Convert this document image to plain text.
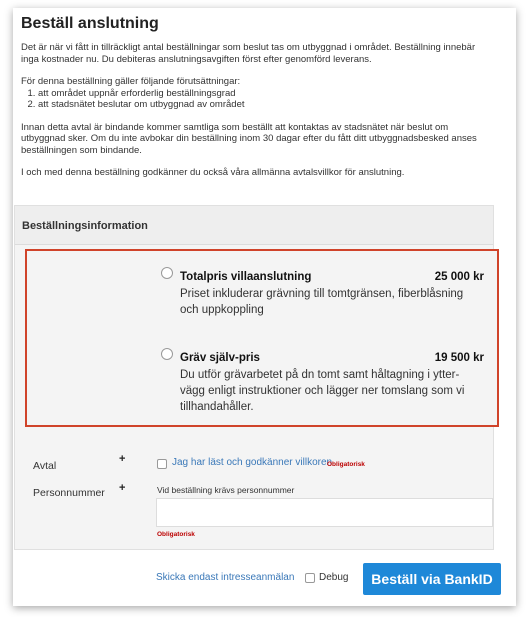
Beställ anslutning

Det är när vi fått in tillräckligt antal beställningar som beslut tas om utbyggnad i området. Beställning innebär inga kostnader nu. Du debiteras anslutningsavgiften först efter genomförd leverans.

För denna beställning gäller följande förutsättningar:

1. att området uppnår erforderlig beställningsgrad
2. att stadsnätet beslutar om utbyggnad av området

Innan detta avtal är bindande kommer samtliga som beställt att kontaktas av stadsnätet när beslut om utbyggnad sker. Om du inte avbokar din beställning inom 30 dagar efter du fått ditt utbyggnadsbesked anses beställningen som bindande.

I och med denna beställning godkänner du också våra allmänna avtalsvillkor för anslutning.

Beställningsinformation
Totalpris villaanslutning	25 000 kr
Priset inkluderar grävning till tomtgränsen, fiberblåsning
och uppkoppling
Gräv själv-pris	19 500 kr
Du utför grävarbetet på dn tomt samt håltagning i ytter-
vägg enligt instruktioner och lägger ner tomslang som vi
tillhandahåller.
Avtal
+	Jag har läst och godkänner villkoren
Obligatorisk
Personnummer +	Vid beställning krävs personnummer
Obligatorisk
Skicka endast intresseanmälan Debug	Beställ via BankID
